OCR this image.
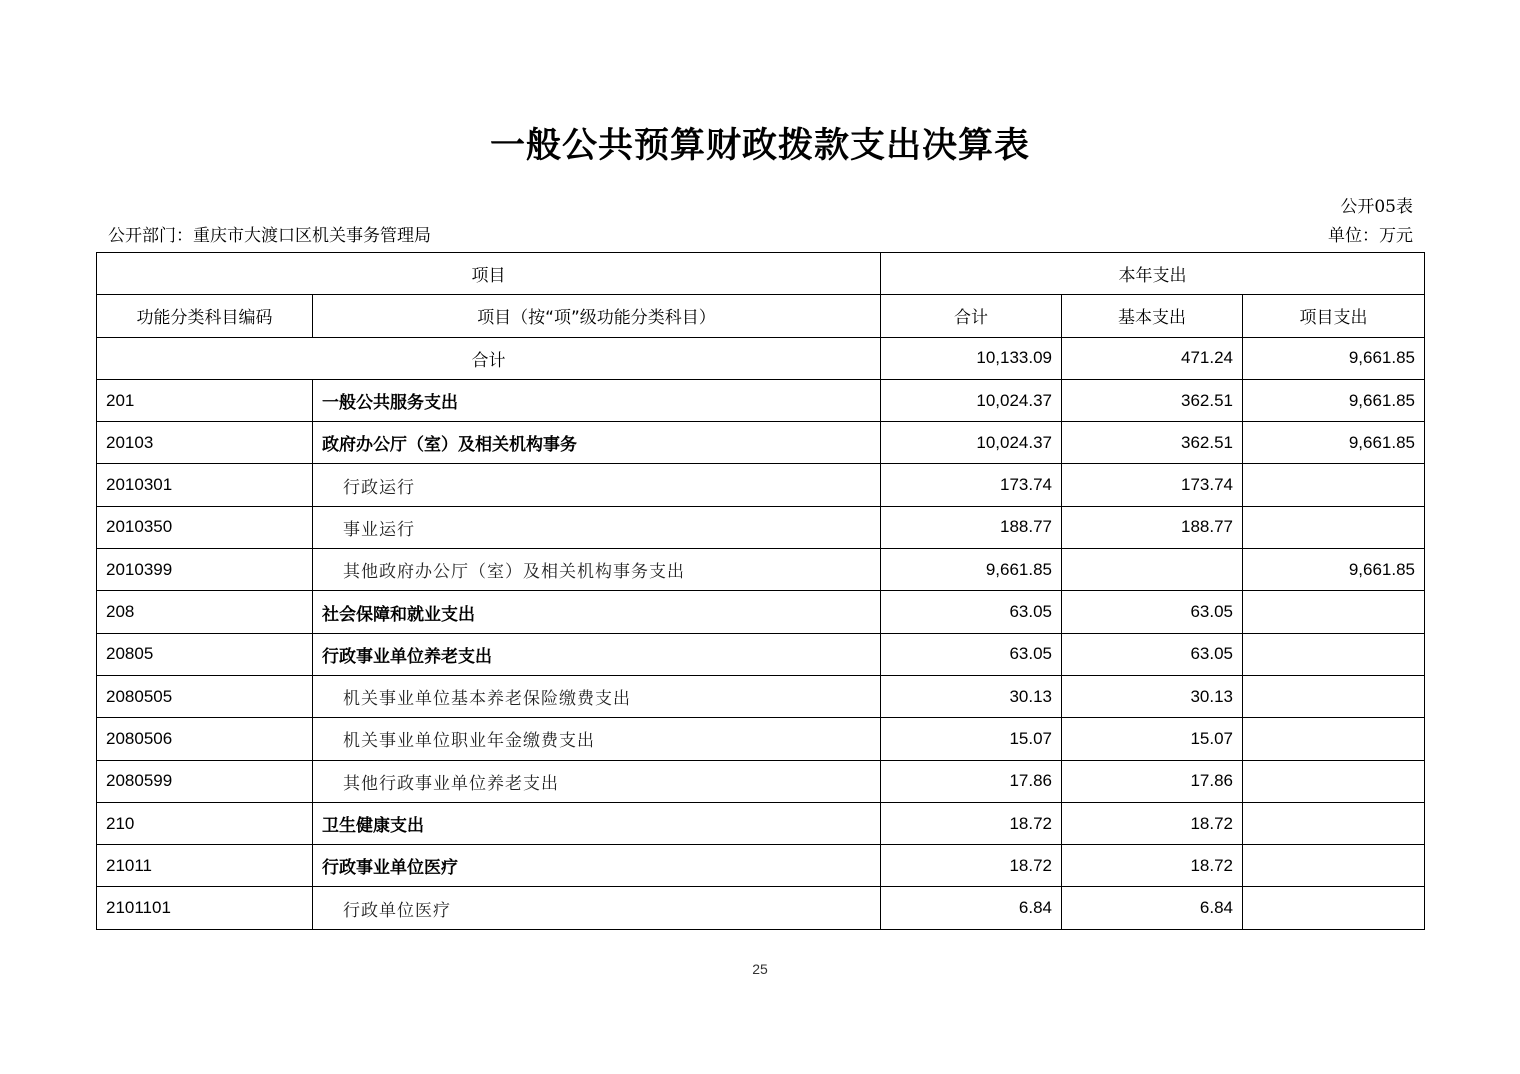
一般公共预算财政拨款支出决算表
公开05表
公开部门：重庆市大渡口区机关事务管理局	单位：万元
项目		本年支出		
功能分类科目编码	项目（按“项”级功能分类科目）	合计	基本支出	项目支出
合计		10,133.09	471.24	9,661.85
201	一般公共服务支出	10,024.37	362.51	9,661.85
20103	政府办公厅（室）及相关机构事务	10,024.37	362.51	9,661.85
2010301	行政运行	173.74	173.74	
2010350	事业运行	188.77	188.77	
2010399	其他政府办公厅（室）及相关机构事务支出	9,661.85		9,661.85
208	社会保障和就业支出	63.05	63.05	
20805	行政事业单位养老支出	63.05	63.05	
2080505	机关事业单位基本养老保险缴费支出	30.13	30.13	
2080506	机关事业单位职业年金缴费支出	15.07	15.07	
2080599	其他行政事业单位养老支出	17.86	17.86	
210	卫生健康支出	18.72	18.72	
21011	行政事业单位医疗	18.72	18.72	
2101101	行政单位医疗	6.84	6.84	
25
